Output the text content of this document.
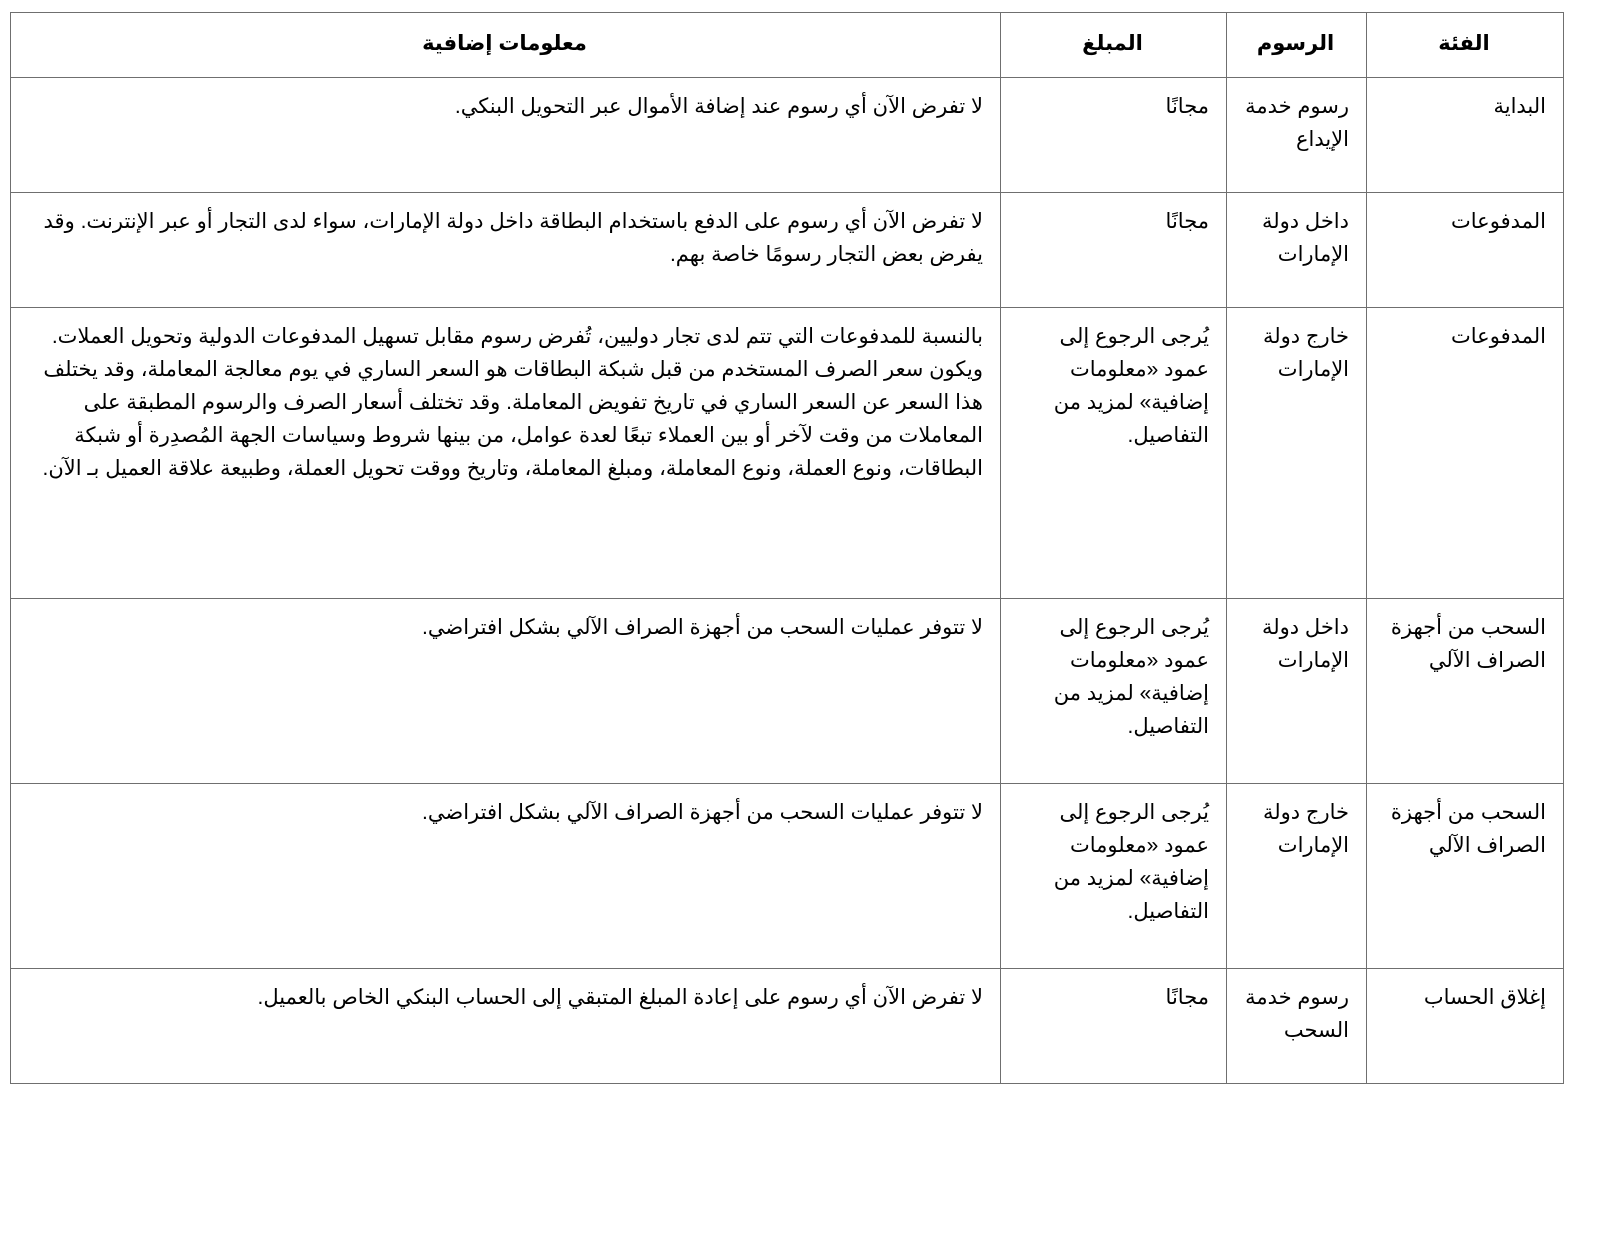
الفئة	الرسوم	المبلغ	معلومات إضافية
البداية	رسوم خدمة الإيداع	مجانًا	لا تفرض الآن أي رسوم عند إضافة الأموال عبر التحويل البنكي.
المدفوعات	داخل دولة الإمارات	مجانًا	لا تفرض الآن أي رسوم على الدفع باستخدام البطاقة داخل دولة الإمارات، سواء لدى التجار أو عبر الإنترنت. وقد يفرض بعض التجار رسومًا خاصة بهم.
المدفوعات	خارج دولة الإمارات	يُرجى الرجوع إلى عمود «معلومات إضافية» لمزيد من التفاصيل.	بالنسبة للمدفوعات التي تتم لدى تجار دوليين، تُفرض رسوم مقابل تسهيل المدفوعات الدولية وتحويل العملات. ويكون سعر الصرف المستخدم من قبل شبكة البطاقات هو السعر الساري في يوم معالجة المعاملة، وقد يختلف هذا السعر عن السعر الساري في تاريخ تفويض المعاملة. وقد تختلف أسعار الصرف والرسوم المطبقة على المعاملات من وقت لآخر أو بين العملاء تبعًا لعدة عوامل، من بينها شروط وسياسات الجهة المُصدِرة أو شبكة البطاقات، ونوع العملة، ونوع المعاملة، ومبلغ المعاملة، وتاريخ ووقت تحويل العملة، وطبيعة علاقة العميل بـ الآن.
السحب من أجهزة الصراف الآلي	داخل دولة الإمارات	يُرجى الرجوع إلى عمود «معلومات إضافية» لمزيد من التفاصيل.	لا تتوفر عمليات السحب من أجهزة الصراف الآلي بشكل افتراضي.
السحب من أجهزة الصراف الآلي	خارج دولة الإمارات	يُرجى الرجوع إلى عمود «معلومات إضافية» لمزيد من التفاصيل.	لا تتوفر عمليات السحب من أجهزة الصراف الآلي بشكل افتراضي.
إغلاق الحساب	رسوم خدمة السحب	مجانًا	لا تفرض الآن أي رسوم على إعادة المبلغ المتبقي إلى الحساب البنكي الخاص بالعميل.
